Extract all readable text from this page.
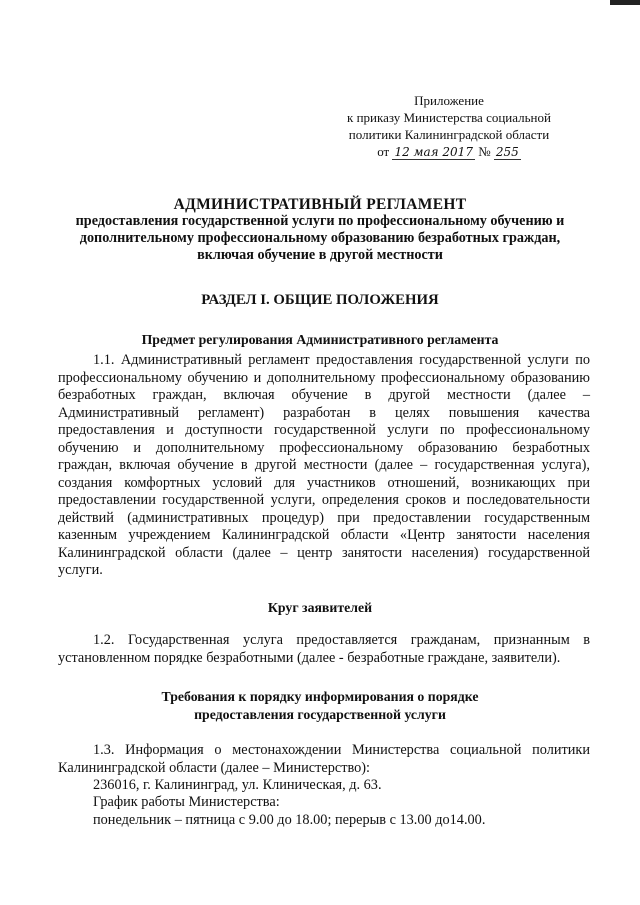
Приложение
к приказу Министерства социальной
политики Калининградской области
от 12 мая 2017 № 255
АДМИНИСТРАТИВНЫЙ РЕГЛАМЕНТ
предоставления государственной услуги по профессиональному обучению и
дополнительному профессиональному образованию безработных граждан,
включая обучение в другой местности
РАЗДЕЛ I. ОБЩИЕ ПОЛОЖЕНИЯ
Предмет регулирования Административного регламента
1.1. Административный регламент предоставления государственной услуги по профессиональному обучению и дополнительному профессиональному образованию безработных граждан, включая обучение в другой местности (далее – Административный регламент) разработан в целях повышения качества предоставления и доступности государственной услуги по профессиональному обучению и дополнительному профессиональному образованию безработных граждан, включая обучение в другой местности (далее – государственная услуга), создания комфортных условий для участников отношений, возникающих при предоставлении государственной услуги, определения сроков и последовательности действий (административных процедур) при предоставлении государственным казенным учреждением Калининградской области «Центр занятости населения Калининградской области (далее – центр занятости населения) государственной услуги.
Круг заявителей
1.2. Государственная услуга предоставляется гражданам, признанным в установленном порядке безработными (далее - безработные граждане, заявители).
Требования к порядку информирования о порядке
предоставления государственной услуги
1.3. Информация о местонахождении Министерства социальной политики Калининградской области (далее – Министерство):
236016, г. Калининград, ул. Клиническая, д. 63.
График работы Министерства:
понедельник – пятница с 9.00 до 18.00; перерыв с 13.00 до14.00.
